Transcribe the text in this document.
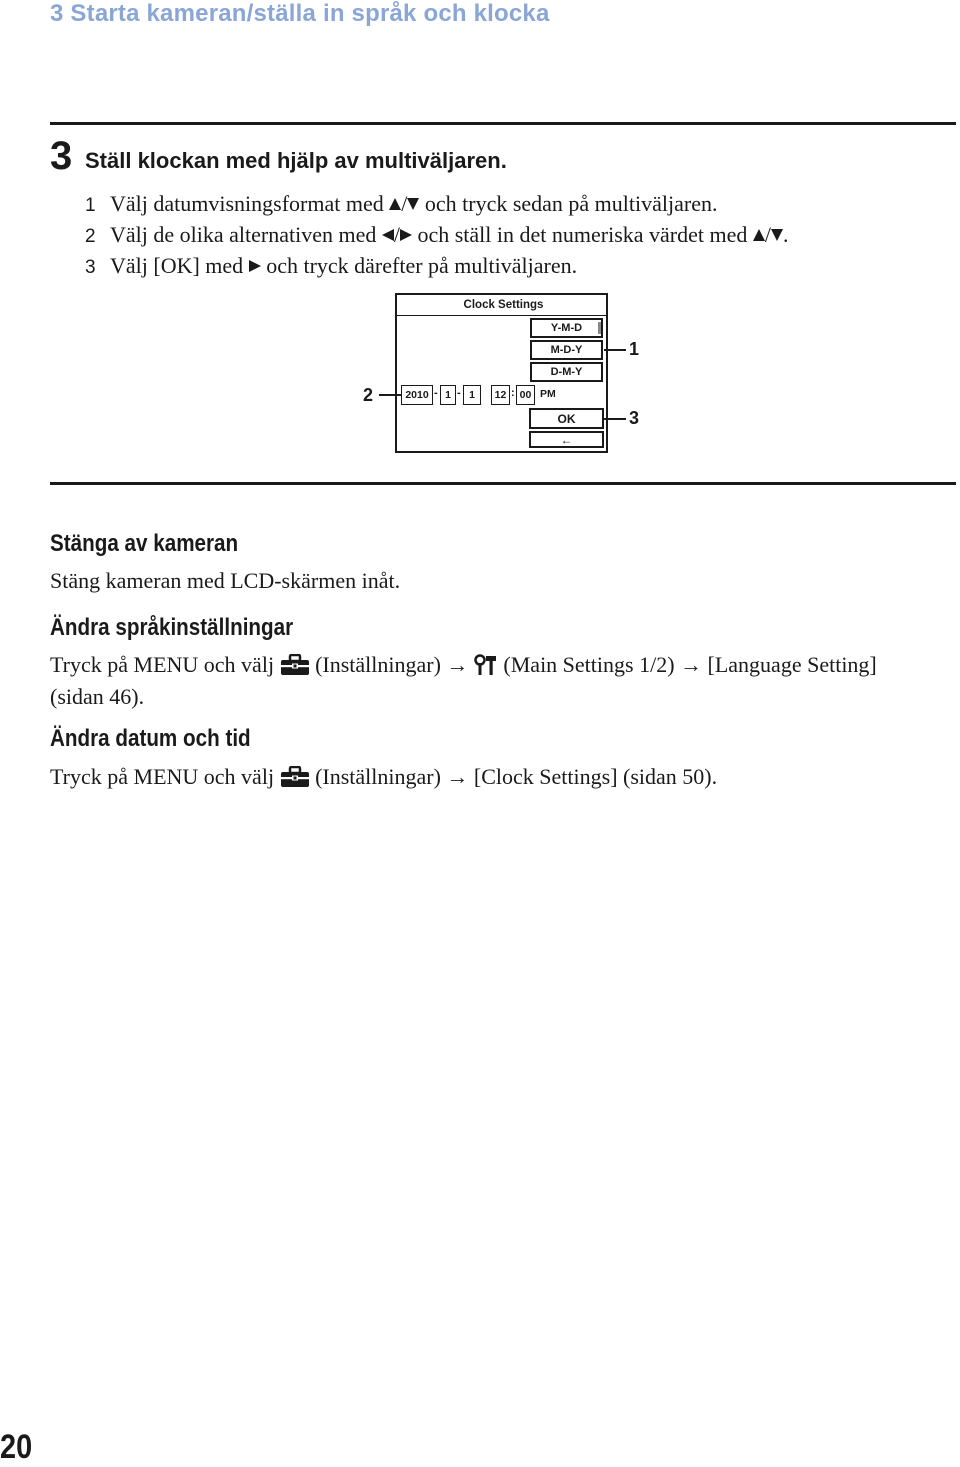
3 Starta kameran/ställa in språk och klocka
3 Ställ klockan med hjälp av multiväljaren.
1 Välj datumvisningsformat med / och tryck sedan på multiväljaren.
2 Välj de olika alternativen med / och ställ in det numeriska värdet med / .
3 Välj [OK] med  och tryck därefter på multiväljaren.
Clock Settings
Y-M-D
M-D-Y
D-M-Y
2010 - 1 - 1	12 : 00 PM
OK
←
1
2
3
Stänga av kameran
Stäng kameran med LCD-skärmen inåt.
Ändra språkinställningar
Tryck på MENU och välj  (Inställningar) →  (Main Settings 1/2) → [Language Setting]
(sidan 46).
Ändra datum och tid
Tryck på MENU och välj  (Inställningar) → [Clock Settings] (sidan 50).
20
